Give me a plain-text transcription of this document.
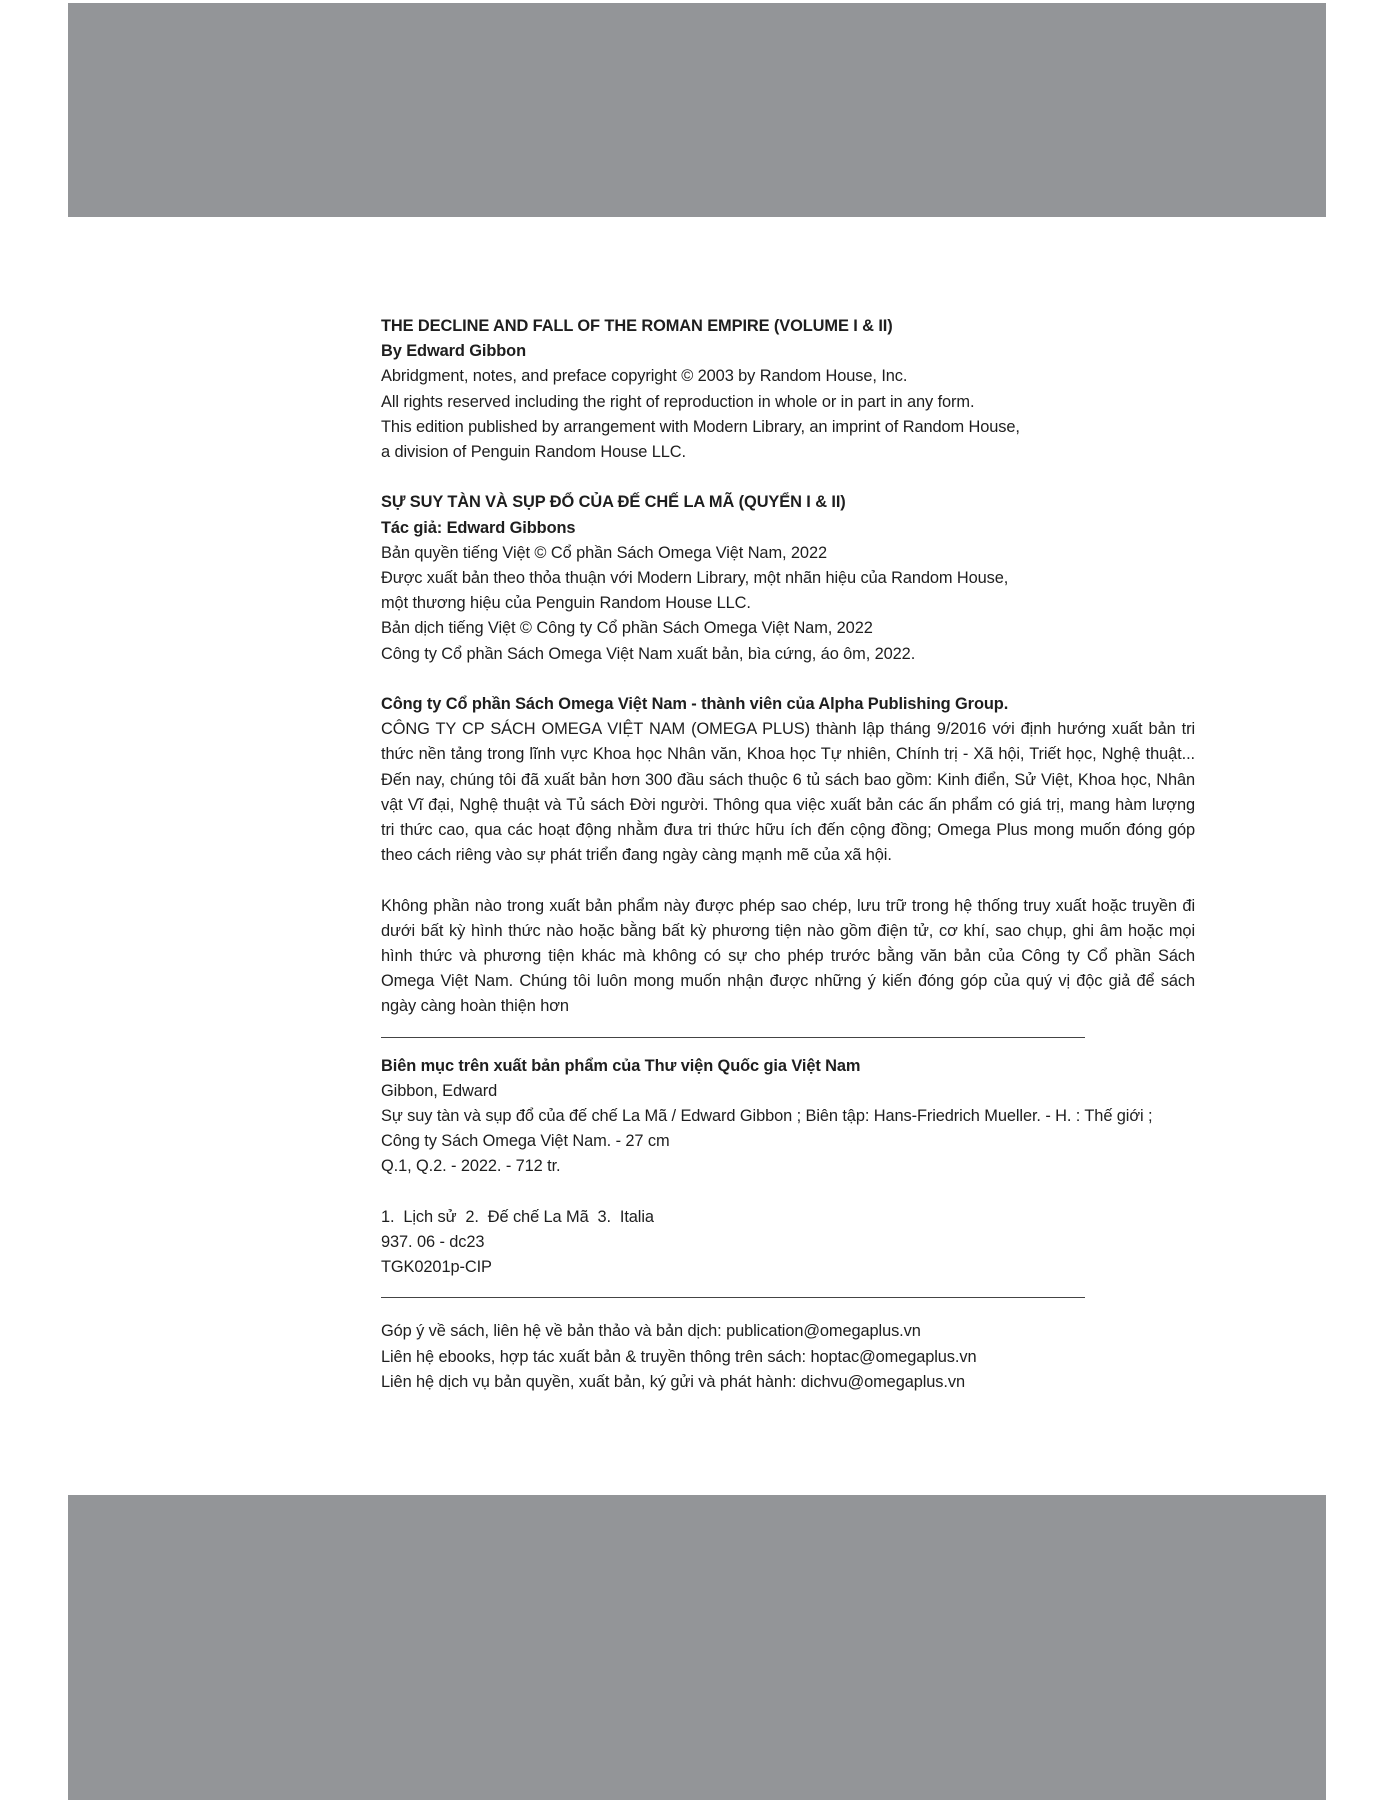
THE DECLINE AND FALL OF THE ROMAN EMPIRE (VOLUME I & II)
By Edward Gibbon
Abridgment, notes, and preface copyright © 2003 by Random House, Inc.
All rights reserved including the right of reproduction in whole or in part in any form.
This edition published by arrangement with Modern Library, an imprint of Random House,
a division of Penguin Random House LLC.
SỰ SUY TÀN VÀ SỤP ĐỔ CỦA ĐẾ CHẾ LA MÃ (QUYỂN I & II)
Tác giả: Edward Gibbons
Bản quyền tiếng Việt © Cổ phần Sách Omega Việt Nam, 2022
Được xuất bản theo thỏa thuận với Modern Library, một nhãn hiệu của Random House,
một thương hiệu của Penguin Random House LLC.
Bản dịch tiếng Việt © Công ty Cổ phần Sách Omega Việt Nam, 2022
Công ty Cổ phần Sách Omega Việt Nam xuất bản, bìa cứng, áo ôm, 2022.
Công ty Cổ phần Sách Omega Việt Nam - thành viên của Alpha Publishing Group.
CÔNG TY CP SÁCH OMEGA VIỆT NAM (OMEGA PLUS) thành lập tháng 9/2016 với định hướng xuất bản tri thức nền tảng trong lĩnh vực Khoa học Nhân văn, Khoa học Tự nhiên, Chính trị - Xã hội, Triết học, Nghệ thuật... Đến nay, chúng tôi đã xuất bản hơn 300 đầu sách thuộc 6 tủ sách bao gồm: Kinh điển, Sử Việt, Khoa học, Nhân vật Vĩ đại, Nghệ thuật và Tủ sách Đời người. Thông qua việc xuất bản các ấn phẩm có giá trị, mang hàm lượng tri thức cao, qua các hoạt động nhằm đưa tri thức hữu ích đến cộng đồng; Omega Plus mong muốn đóng góp theo cách riêng vào sự phát triển đang ngày càng mạnh mẽ của xã hội.
Không phần nào trong xuất bản phẩm này được phép sao chép, lưu trữ trong hệ thống truy xuất hoặc truyền đi dưới bất kỳ hình thức nào hoặc bằng bất kỳ phương tiện nào gồm điện tử, cơ khí, sao chụp, ghi âm hoặc mọi hình thức và phương tiện khác mà không có sự cho phép trước bằng văn bản của Công ty Cổ phần Sách Omega Việt Nam. Chúng tôi luôn mong muốn nhận được những ý kiến đóng góp của quý vị độc giả để sách ngày càng hoàn thiện hơn
Biên mục trên xuất bản phẩm của Thư viện Quốc gia Việt Nam
Gibbon, Edward
Sự suy tàn và sụp đổ của đế chế La Mã / Edward Gibbon ; Biên tập: Hans-Friedrich Mueller. - H. : Thế giới ;
Công ty Sách Omega Việt Nam. - 27 cm
Q.1, Q.2. - 2022. - 712 tr.
1.  Lịch sử  2.  Đế chế La Mã  3.  Italia
937. 06 - dc23
TGK0201p-CIP
Góp ý về sách, liên hệ về bản thảo và bản dịch: publication@omegaplus.vn
Liên hệ ebooks, hợp tác xuất bản & truyền thông trên sách: hoptac@omegaplus.vn
Liên hệ dịch vụ bản quyền, xuất bản, ký gửi và phát hành: dichvu@omegaplus.vn
